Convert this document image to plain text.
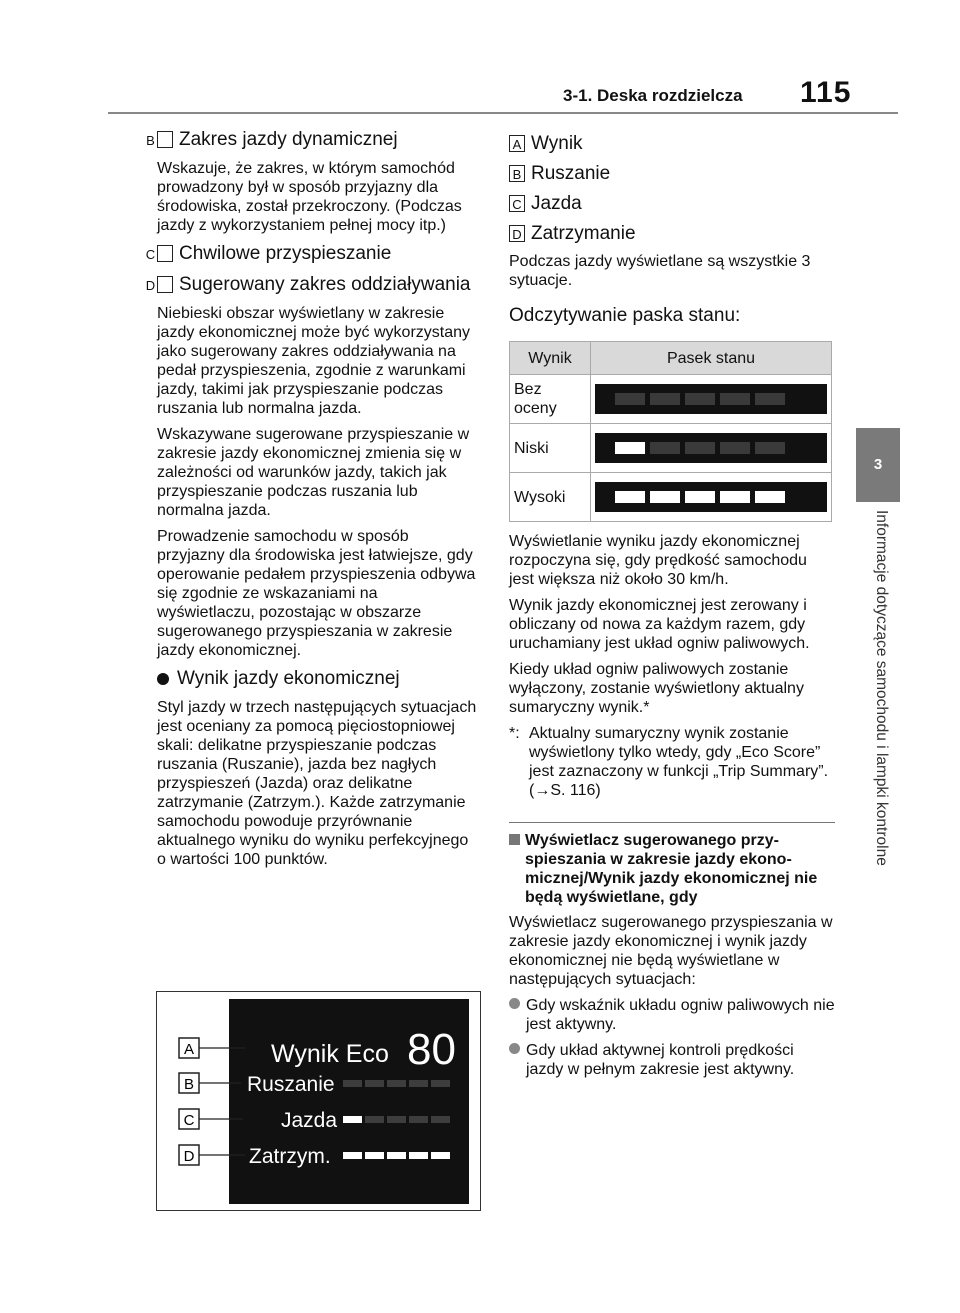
3-1. Deska rozdzielcza 115
3
Informacje dotyczące samochodu i lampki kontrolne
B Zakres jazdy dynamicznej

Wskazuje, że zakres, w którym samochód prowadzony był w sposób przyjazny dla środowiska, został przekroczony. (Podczas jazdy z wykorzystaniem pełnej mocy itp.)

C Chwilowe przyspieszanie
D Sugerowany zakres oddziaływania

Niebieski obszar wyświetlany w zakresie jazdy ekonomicznej może być wykorzystany jako sugerowany zakres oddziaływania na pedał przyspieszenia, zgodnie z warunkami jazdy, takimi jak przyspieszanie podczas ruszania lub normalna jazda.

Wskazywane sugerowane przyspieszanie w zakresie jazdy ekonomicznej zmienia się w zależności od warunków jazdy, takich jak przyspieszanie podczas ruszania lub normalna jazda.

Prowadzenie samochodu w sposób przyjazny dla środowiska jest łatwiejsze, gdy operowanie pedałem przyspieszenia odbywa się zgodnie ze wskazaniami na wyświetlaczu, pozostając w obszarze sugerowanego przyspieszania w zakresie jazdy ekonomicznej.

Wynik jazdy ekonomicznej

Styl jazdy w trzech następujących sytuacjach jest oceniany za pomocą pięciostopniowej skali: delikatne przyspieszanie podczas ruszania (Ruszanie), jazda bez nagłych przyspieszeń (Jazda) oraz delikatne zatrzymanie (Zatrzym.). Każde zatrzymanie samochodu powoduje przyrównanie aktualnego wyniku do wyniku perfekcyjnego o wartości 100 punktów.

A
B
C
D
Wynik Eco 80
Ruszanie
Jazda
Zatrzym.
A Wynik
B Ruszanie
C Jazda
D Zatrzymanie

Podczas jazdy wyświetlane są wszystkie 3 sytuacje.

Odczytywanie paska stanu:
Wynik	Pasek stanu
Bez oceny	

Niski	

Wysoki	

Wyświetlanie wyniku jazdy ekonomicznej rozpoczyna się, gdy prędkość samochodu jest większa niż około 30 km/h.

Wynik jazdy ekonomicznej jest zerowany i obliczany od nowa za każdym razem, gdy uruchamiany jest układ ogniw paliwowych.

Kiedy układ ogniw paliwowych zostanie wyłączony, zostanie wyświetlony aktualny sumaryczny wynik.*

*: Aktualny sumaryczny wynik zostanie wyświetlony tylko wtedy, gdy „Eco Score” jest zaznaczony w funkcji „Trip Summary”. (→S. 116)
Wyświetlacz sugerowanego przyspieszania w zakresie jazdy ekonomicznej/Wynik jazdy ekonomicznej nie będą wyświetlane, gdy

Wyświetlacz sugerowanego przyspieszania w zakresie jazdy ekonomicznej i wynik jazdy ekonomicznej nie będą wyświetlane w następujących sytuacjach:

Gdy wskaźnik układu ogniw paliwowych nie jest aktywny.

Gdy układ aktywnej kontroli prędkości jazdy w pełnym zakresie jest aktywny.
